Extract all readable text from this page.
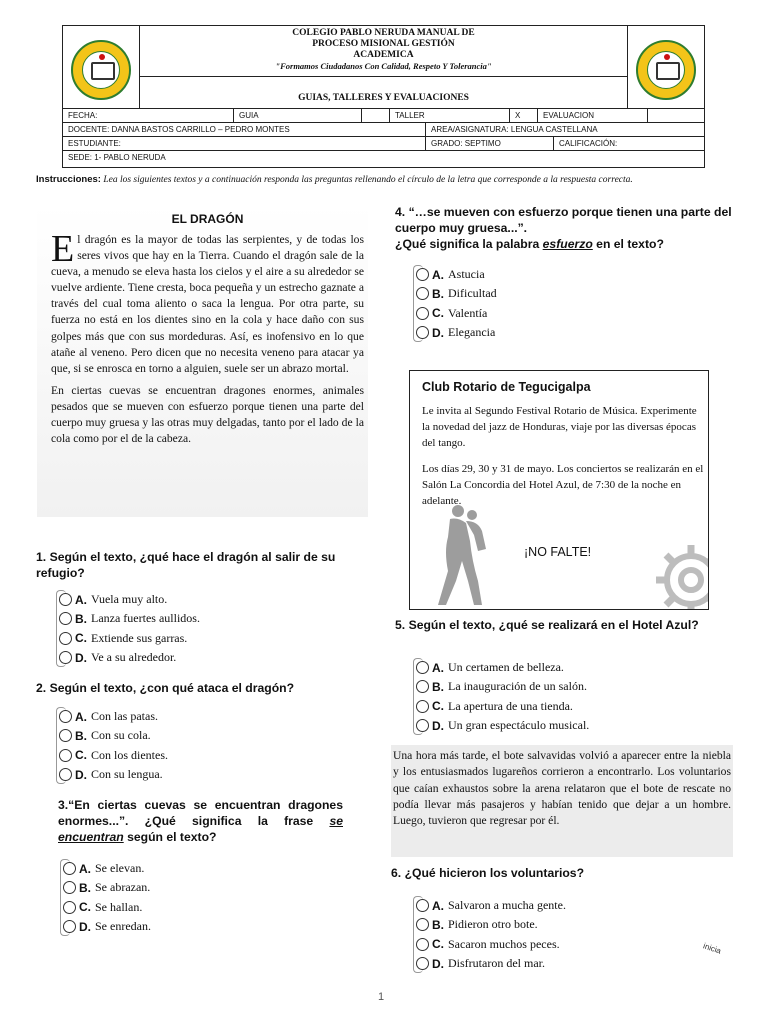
COLEGIO PABLO NERUDA MANUAL DE
PROCESO MISIONAL GESTIÓN
ACADEMICA
"Formamos Ciudadanos Con Calidad, Respeto Y Tolerancia"
GUIAS, TALLERES Y EVALUACIONES
FECHA:	GUIA	TALLER	X	EVALUACION
DOCENTE: DANNA BASTOS CARRILLO – PEDRO MONTES	AREA/ASIGNATURA: LENGUA CASTELLANA
ESTUDIANTE:	GRADO: SEPTIMO	CALIFICACIÓN:
SEDE: 1- PABLO NERUDA
Instrucciones: Lea los siguientes textos y a continuación responda las preguntas rellenando el círculo de la letra que corresponde a la respuesta correcta.
EL DRAGÓN

El dragón es la mayor de todas las serpientes, y de todas los seres vivos que hay en la Tierra. Cuando el dragón sale de la cueva, a menudo se eleva hasta los cielos y el aire a su alrededor se vuelve ardiente. Tiene cresta, boca pequeña y un estrecho gaznate a través del cual toma aliento o saca la lengua. Por otra parte, su fuerza no está en los dientes sino en la cola y hace daño con sus golpes más que con sus mordeduras. Así, es inofensivo en lo que atañe al veneno. Pero dicen que no necesita veneno para atacar ya que, si se enrosca en torno a alguien, suele ser un abrazo mortal.

En ciertas cuevas se encuentran dragones enormes, animales pesados que se mueven con esfuerzo porque tienen una parte del cuerpo muy gruesa y las otras muy delgadas, tanto por el lado de la cola como por el de la cabeza.

1. Según el texto, ¿qué hace el dragón al salir de su refugio?
A. Vuela muy alto.
B. Lanza fuertes aullidos.
C. Extiende sus garras.
D. Ve a su alrededor.
2. Según el texto, ¿con qué ataca el dragón?
A. Con las patas.
B. Con su cola.
C. Con los dientes.
D. Con su lengua.
3.“En ciertas cuevas se encuentran dragones enormes...”. ¿Qué significa la frase se encuentran según el texto?
A. Se elevan.
B. Se abrazan.
C. Se hallan.
D. Se enredan.
4. “…se mueven con esfuerzo porque tienen una parte del cuerpo muy gruesa...”.
¿Qué significa la palabra esfuerzo en el texto?
A. Astucia
B. Dificultad
C. Valentía
D. Elegancia
Club Rotario de Tegucigalpa

Le invita al Segundo Festival Rotario de Música. Experimente la novedad del jazz de Honduras, viaje por las diversas épocas del tango.

Los días 29, 30 y 31 de mayo. Los conciertos se realizarán en el Salón La Concordia del Hotel Azul, de 7:30 de la noche en adelante.

¡NO FALTE!
5. Según el texto, ¿qué se realizará en el Hotel Azul?
A. Un certamen de belleza.
B. La inauguración de un salón.
C. La apertura de una tienda.
D. Un gran espectáculo musical.
Una hora más tarde, el bote salvavidas volvió a aparecer entre la niebla y los entusiasmados lugareños corrieron a encontrarlo. Los voluntarios que caían exhaustos sobre la arena relataron que el bote de rescate no podía llevar más pasajeros y habían tenido que dejar a un hombre. Luego, tuvieron que regresar por él.
6. ¿Qué hicieron los voluntarios?
A. Salvaron a mucha gente.
B. Pidieron otro bote.
C. Sacaron muchos peces.
D. Disfrutaron del mar.
inicia
1
